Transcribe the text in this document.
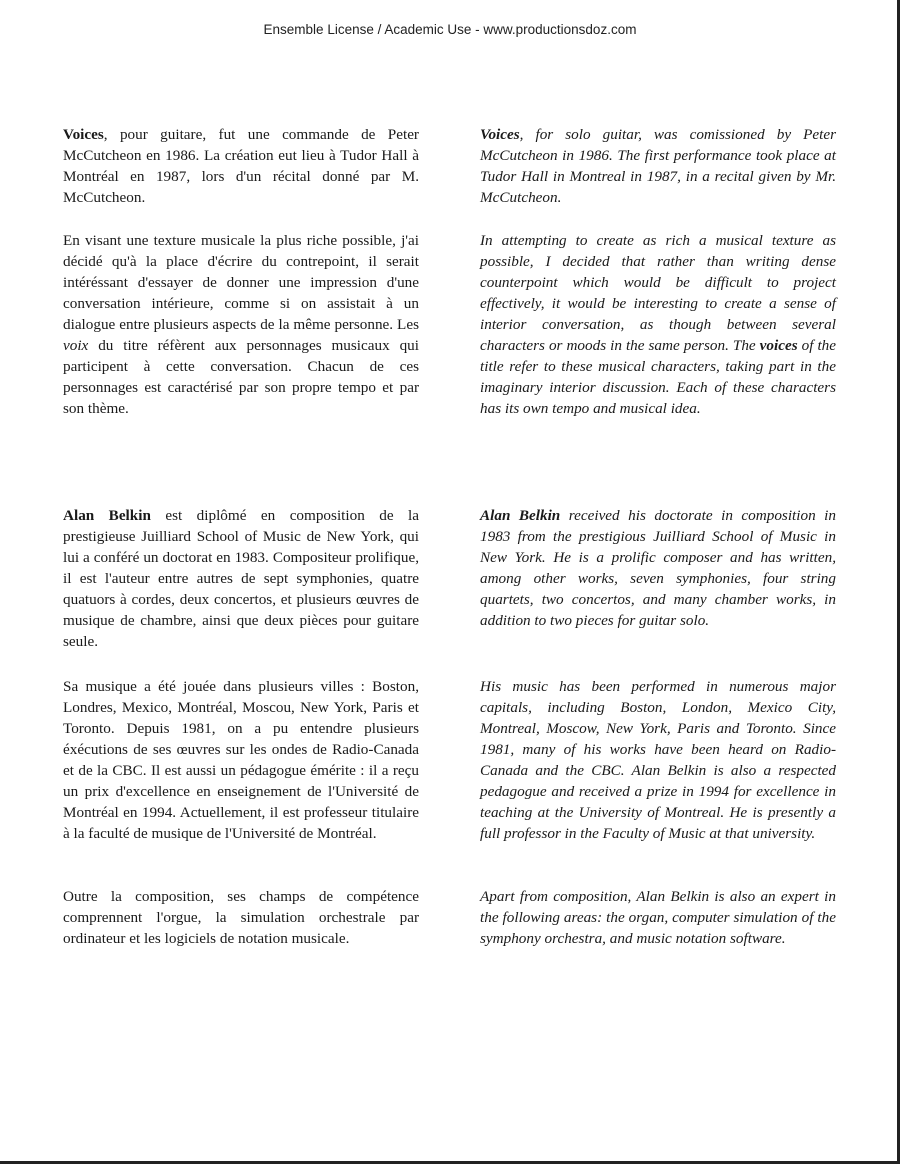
Ensemble License / Academic Use - www.productionsdoz.com

Voices, pour guitare, fut une commande de Peter McCutcheon en 1986. La création eut lieu à Tudor Hall à Montréal en 1987, lors d'un récital donné par M. McCutcheon.

En visant une texture musicale la plus riche possible, j'ai décidé qu'à la place d'écrire du contrepoint, il serait intéréssant d'essayer de donner une impression d'une conversation intérieure, comme si on assistait à un dialogue entre plusieurs aspects de la même personne. Les voix du titre réfèrent aux personnages musicaux qui participent à cette conversation. Chacun de ces personnages est caractérisé par son propre tempo et par son thème.

Alan Belkin est diplômé en composition de la prestigieuse Juilliard School of Music de New York, qui lui a conféré un doctorat en 1983. Compositeur prolifique, il est l'auteur entre autres de sept symphonies, quatre quatuors à cordes, deux concertos, et plusieurs œuvres de musique de chambre, ainsi que deux pièces pour guitare seule.

Sa musique a été jouée dans plusieurs villes : Boston, Londres, Mexico, Montréal, Moscou, New York, Paris et Toronto. Depuis 1981, on a pu entendre plusieurs éxécutions de ses œuvres sur les ondes de Radio-Canada et de la CBC. Il est aussi un pédagogue émérite : il a reçu un prix d'excellence en enseignement de l'Université de Montréal en 1994. Actuellement, il est professeur titulaire à la faculté de musique de l'Université de Montréal.

Outre la composition, ses champs de compétence comprennent l'orgue, la simulation orchestrale par ordinateur et les logiciels de notation musicale.

Voices, for solo guitar, was comissioned by Peter McCutcheon in 1986. The first performance took place at Tudor Hall in Montreal in 1987, in a recital given by Mr. McCutcheon.

In attempting to create as rich a musical texture as possible, I decided that rather than writing dense counterpoint which would be difficult to project effectively, it would be interesting to create a sense of interior conversation, as though between several characters or moods in the same person. The voices of the title refer to these musical characters, taking part in the imaginary interior discussion. Each of these characters has its own tempo and musical idea.

Alan Belkin received his doctorate in composition in 1983 from the prestigious Juilliard School of Music in New York. He is a prolific composer and has written, among other works, seven symphonies, four string quartets, two concertos, and many chamber works, in addition to two pieces for guitar solo.

His music has been performed in numerous major capitals, including Boston, London, Mexico City, Montreal, Moscow, New York, Paris and Toronto. Since 1981, many of his works have been heard on Radio-Canada and the CBC. Alan Belkin is also a respected pedagogue and received a prize in 1994 for excellence in teaching at the University of Montreal. He is presently a full professor in the Faculty of Music at that university.

Apart from composition, Alan Belkin is also an expert in the following areas: the organ, computer simulation of the symphony orchestra, and music notation software.
